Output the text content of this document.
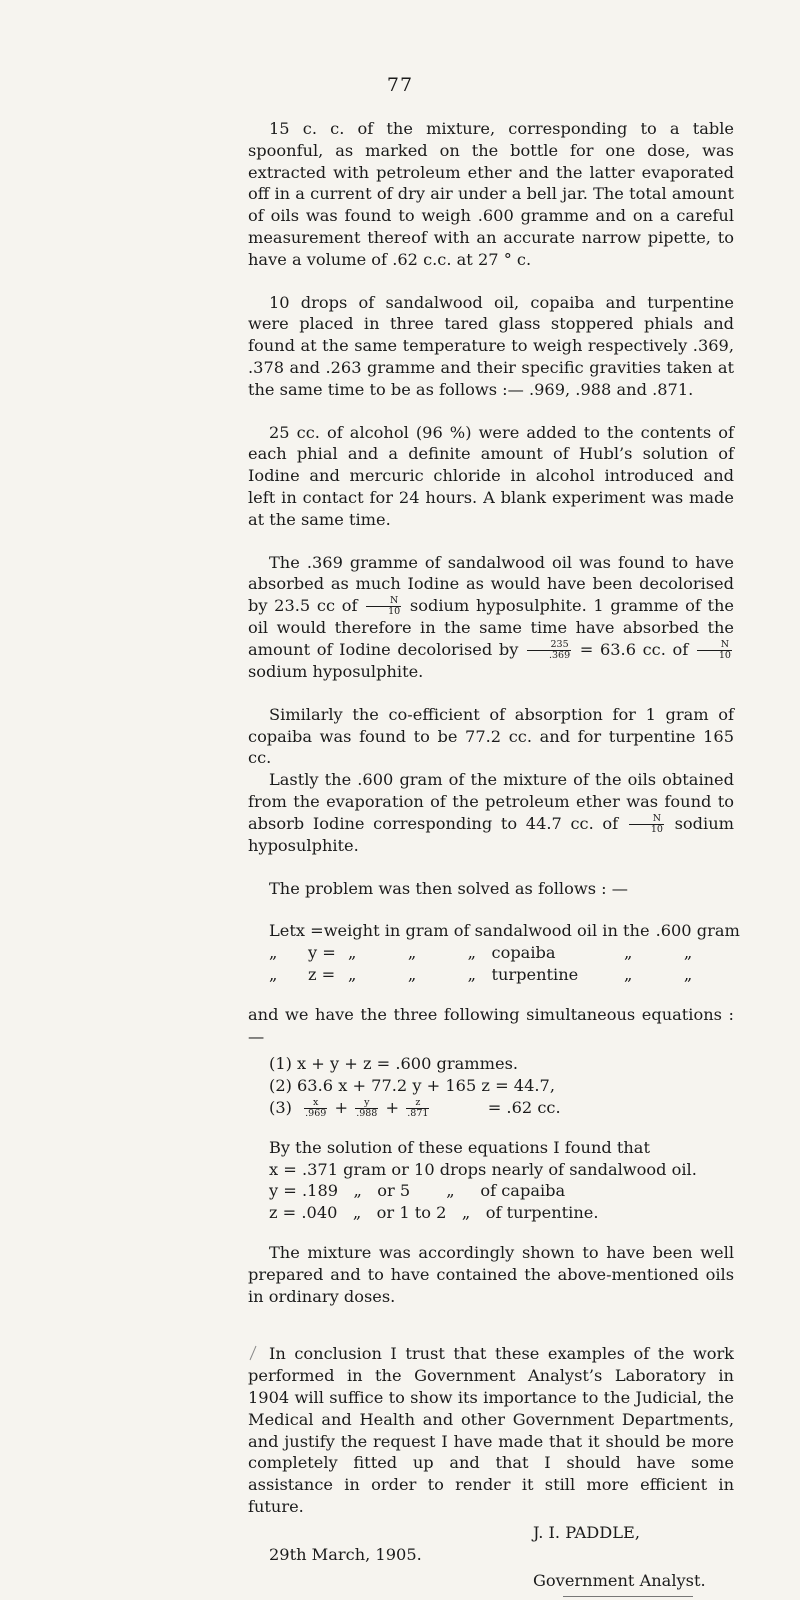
77

15 c. c. of the mixture, corresponding to a table spoonful, as marked on the bottle for one dose, was extracted with petroleum ether and the latter evaporated off in a current of dry air under a bell jar. The total amount of oils was found to weigh .600 gramme and on a careful measurement thereof with an accurate narrow pipette, to have a volume of .62 c.c. at 27 ° c.

10 drops of sandalwood oil, copaiba and turpentine were placed in three tared glass stoppered phials and found at the same temperature to weigh respectively .369, .378 and .263 gramme and their specific gravities taken at the same time to be as follows :— .969, .988 and .871.

25 cc. of alcohol (96 %) were added to the contents of each phial and a definite amount of Hubl’s solution of Iodine and mercuric chloride in alcohol introduced and left in contact for 24 hours. A blank experiment was made at the same time.

The .369 gramme of sandalwood oil was found to have absorbed as much Iodine as would have been decolorised by 23.5 cc of $\frac{N}{10}$ sodium hyposulphite. 1 gramme of the oil would therefore in the same time have absorbed the amount of Iodine decolorised by $\frac{235}{.369} = 63.6$ cc. of $\frac{N}{10}$
sodium hyposulphite.

Similarly the co-efficient of absorption for 1 gram of copaiba was found to be 77.2 cc. and for turpentine 165 cc.

Lastly the .600 gram of the mixture of the oils obtained from the evaporation of the petroleum ether was found to absorb Iodine corresponding to 44.7 cc. of $\frac{N}{10}$ sodium hyposulphite.

The problem was then solved as follows : —

Let x = weight in gram of sandalwood oil in the .600 gram
„	y = „          „          „   copaiba	„          „
„	z = „          „          „   turpentine	„          „

and we have the three following simultaneous equations :—

(1) x + y + z = .600 grammes.
(2) 63.6 x + 77.2 y + 165 z = 44.7,
$(3) \frac{x}{.969} + \frac{y}{.988} + \frac{z}{.871}$	= .62 cc.

By the solution of these equations I found that

x = .371 gram or 10 drops nearly of sandalwood oil.
y = .189   „   or 5       „     of capaiba
z = .040   „   or 1 to 2   „   of turpentine.

The mixture was accordingly shown to have been well prepared and to have contained the above-mentioned oils in ordinary doses.

In conclusion I trust that these examples of the work performed in the Government Analyst’s Laboratory in 1904 will suffice to show its importance to the Judicial, the Medical and Health and other Government Departments, and justify the request I have made that it should be more completely fitted up and that I should have some assistance in order to render it still more efficient in future.

J. I. PADDLE,
29th March, 1905.
Government Analyst.
